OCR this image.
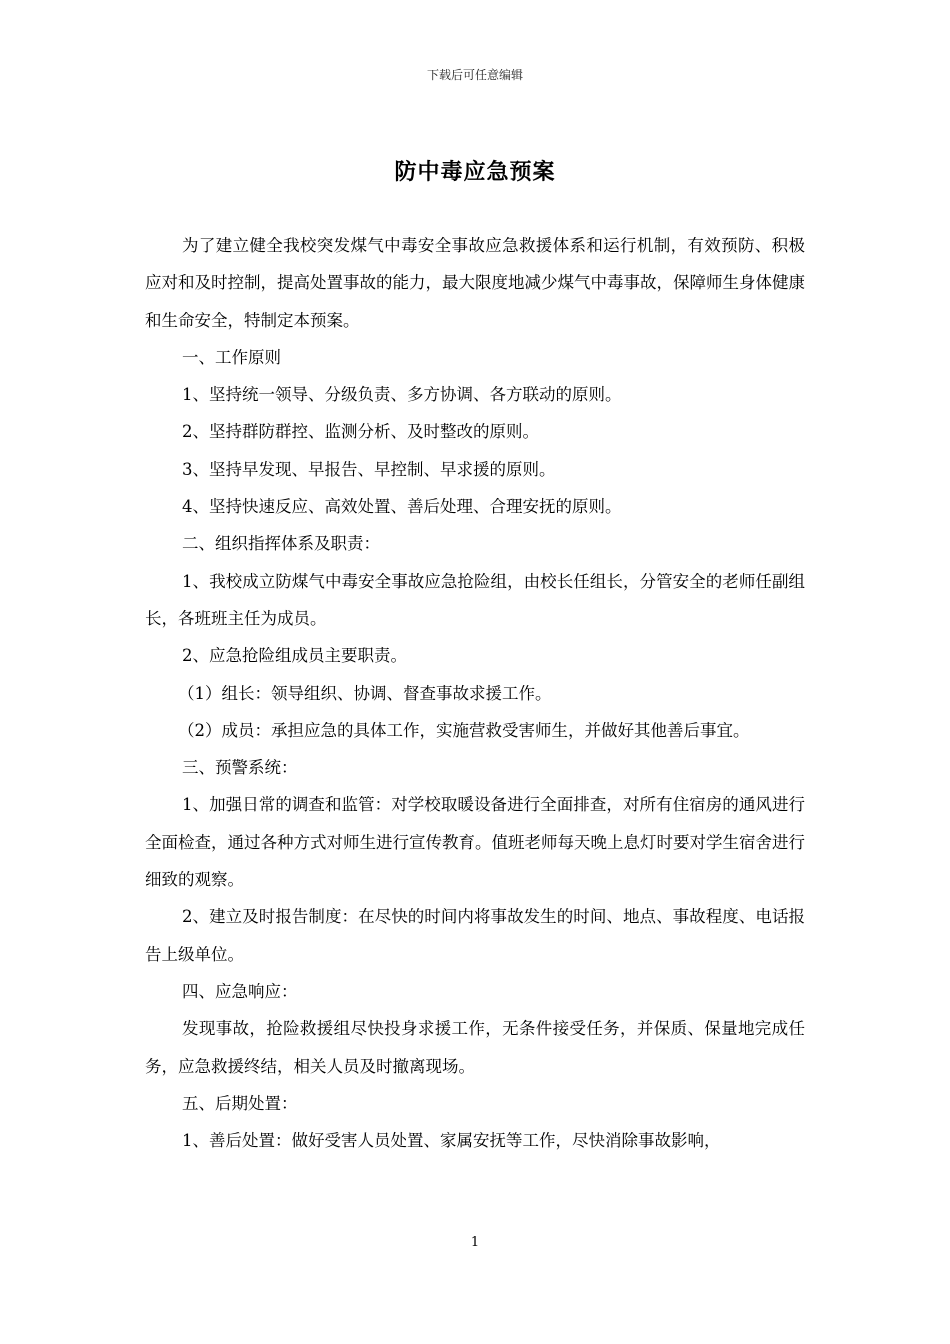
下载后可任意编辑
防中毒应急预案

为了建立健全我校突发煤气中毒安全事故应急救援体系和运行机制，有效预防、积极应对和及时控制，提高处置事故的能力，最大限度地减少煤气中毒事故，保障师生身体健康和生命安全，特制定本预案。

一、工作原则

1、坚持统一领导、分级负责、多方协调、各方联动的原则。

2、坚持群防群控、监测分析、及时整改的原则。

3、坚持早发现、早报告、早控制、早求援的原则。

4、坚持快速反应、高效处置、善后处理、合理安抚的原则。

二、组织指挥体系及职责：

1、我校成立防煤气中毒安全事故应急抢险组，由校长任组长，分管安全的老师任副组长，各班班主任为成员。

2、应急抢险组成员主要职责。

（1）组长：领导组织、协调、督查事故求援工作。

（2）成员：承担应急的具体工作，实施营救受害师生，并做好其他善后事宜。

三、预警系统：

1、加强日常的调查和监管：对学校取暖设备进行全面排查，对所有住宿房的通风进行全面检查，通过各种方式对师生进行宣传教育。值班老师每天晚上息灯时要对学生宿舍进行细致的观察。

2、建立及时报告制度：在尽快的时间内将事故发生的时间、地点、事故程度、电话报告上级单位。

四、应急响应：

发现事故，抢险救援组尽快投身求援工作，无条件接受任务，并保质、保量地完成任务，应急救援终结，相关人员及时撤离现场。

五、后期处置：

1、善后处置：做好受害人员处置、家属安抚等工作，尽快消除事故影响，

1
